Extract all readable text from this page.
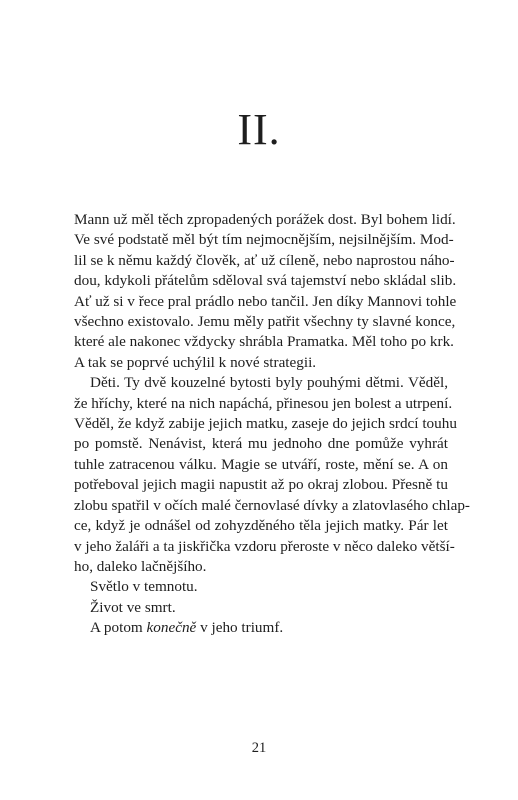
II.
Mann už měl těch zpropadených porážek dost. Byl bohem lidí.
Ve své podstatě měl být tím nejmocnějším, nejsilnějším. Mod-
lil se k němu každý člověk, ať už cíleně, nebo naprostou náho-
dou, kdykoli přátelům sděloval svá tajemství nebo skládal slib.
Ať už si v řece pral prádlo nebo tančil. Jen díky Mannovi tohle
všechno existovalo. Jemu měly patřit všechny ty slavné konce,
které ale nakonec vždycky shrábla Pramatka. Měl toho po krk.
A tak se poprvé uchýlil k nové strategii.
Děti. Ty dvě kouzelné bytosti byly pouhými dětmi. Věděl,
že hříchy, které na nich napáchá, přinesou jen bolest a utrpení.
Věděl, že když zabije jejich matku, zaseje do jejich srdcí touhu
po pomstě. Nenávist, která mu jednoho dne pomůže vyhrát
tuhle zatracenou válku. Magie se utváří, roste, mění se. A on
potřeboval jejich magii napustit až po okraj zlobou. Přesně tu
zlobu spatřil v očích malé černovlasé dívky a zlatovlasého chlap-
ce, když je odnášel od zohyzděného těla jejich matky. Pár let
v jeho žaláři a ta jiskřička vzdoru přeroste v něco daleko větší-
ho, daleko lačnějšího.
Světlo v temnotu.
Život ve smrt.
A potom konečně v jeho triumf.
21
